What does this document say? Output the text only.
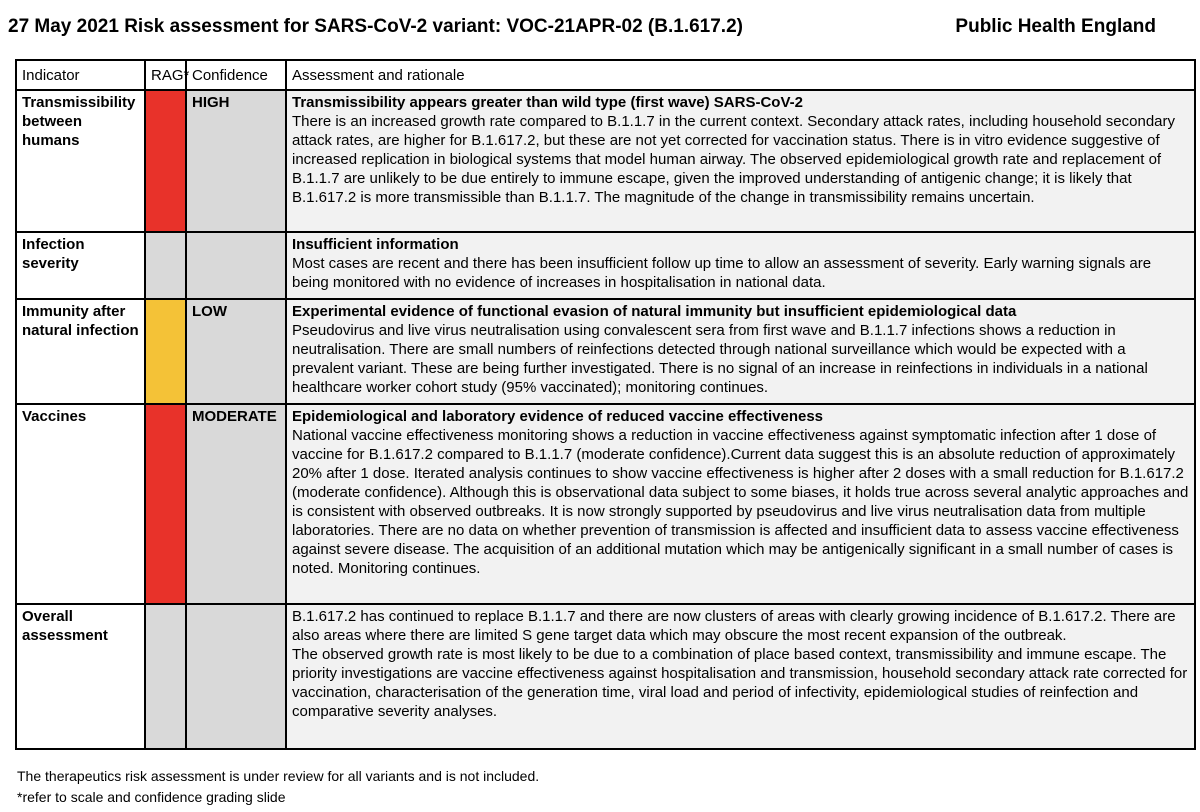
27 May 2021 Risk assessment for SARS-CoV-2 variant: VOC-21APR-02 (B.1.617.2)	Public Health England
Indicator	RAG*	Confidence	Assessment and rationale
Transmissibility between humans		HIGH	Transmissibility appears greater than wild type (first wave) SARS-CoV-2
There is an increased growth rate compared to B.1.1.7 in the current context. Secondary attack rates, including household secondary attack rates, are higher for B.1.617.2, but these are not yet corrected for vaccination status. There is in vitro evidence suggestive of increased replication in biological systems that model human airway. The observed epidemiological growth rate and replacement of B.1.1.7 are unlikely to be due entirely to immune escape, given the improved understanding of antigenic change; it is likely that B.1.617.2 is more transmissible than B.1.1.7. The magnitude of the change in transmissibility remains uncertain.

Infection severity			Insufficient information
Most cases are recent and there has been insufficient follow up time to allow an assessment of severity. Early warning signals are being monitored with no evidence of increases in hospitalisation in national data.

Immunity after natural infection		LOW	Experimental evidence of functional evasion of natural immunity but insufficient epidemiological data
Pseudovirus and live virus neutralisation using convalescent sera from first wave and B.1.1.7 infections shows a reduction in neutralisation. There are small numbers of reinfections detected through national surveillance which would be expected with a prevalent variant. These are being further investigated. There is no signal of an increase in reinfections in individuals in a national healthcare worker cohort study (95% vaccinated); monitoring continues.

Vaccines		MODERATE	Epidemiological and laboratory evidence of reduced vaccine effectiveness
National vaccine effectiveness monitoring shows a reduction in vaccine effectiveness against symptomatic infection after 1 dose of vaccine for B.1.617.2 compared to B.1.1.7 (moderate confidence).Current data suggest this is an absolute reduction of approximately 20% after 1 dose. Iterated analysis continues to show vaccine effectiveness is higher after 2 doses with a small reduction for B.1.617.2 (moderate confidence). Although this is observational data subject to some biases, it holds true across several analytic approaches and is consistent with observed outbreaks. It is now strongly supported by pseudovirus and live virus neutralisation data from multiple laboratories. There are no data on whether prevention of transmission is affected and insufficient data to assess vaccine effectiveness against severe disease. The acquisition of an additional mutation which may be antigenically significant in a small number of cases is noted. Monitoring continues.

Overall assessment			B.1.617.2 has continued to replace B.1.1.7 and there are now clusters of areas with clearly growing incidence of B.1.617.2. There are also areas where there are limited S gene target data which may obscure the most recent expansion of the outbreak.
The observed growth rate is most likely to be due to a combination of place based context, transmissibility and immune escape. The priority investigations are vaccine effectiveness against hospitalisation and transmission, household secondary attack rate corrected for vaccination, characterisation of the generation time, viral load and period of infectivity, epidemiological studies of reinfection and comparative severity analyses.
The therapeutics risk assessment is under review for all variants and is not included.
*refer to scale and confidence grading slide
